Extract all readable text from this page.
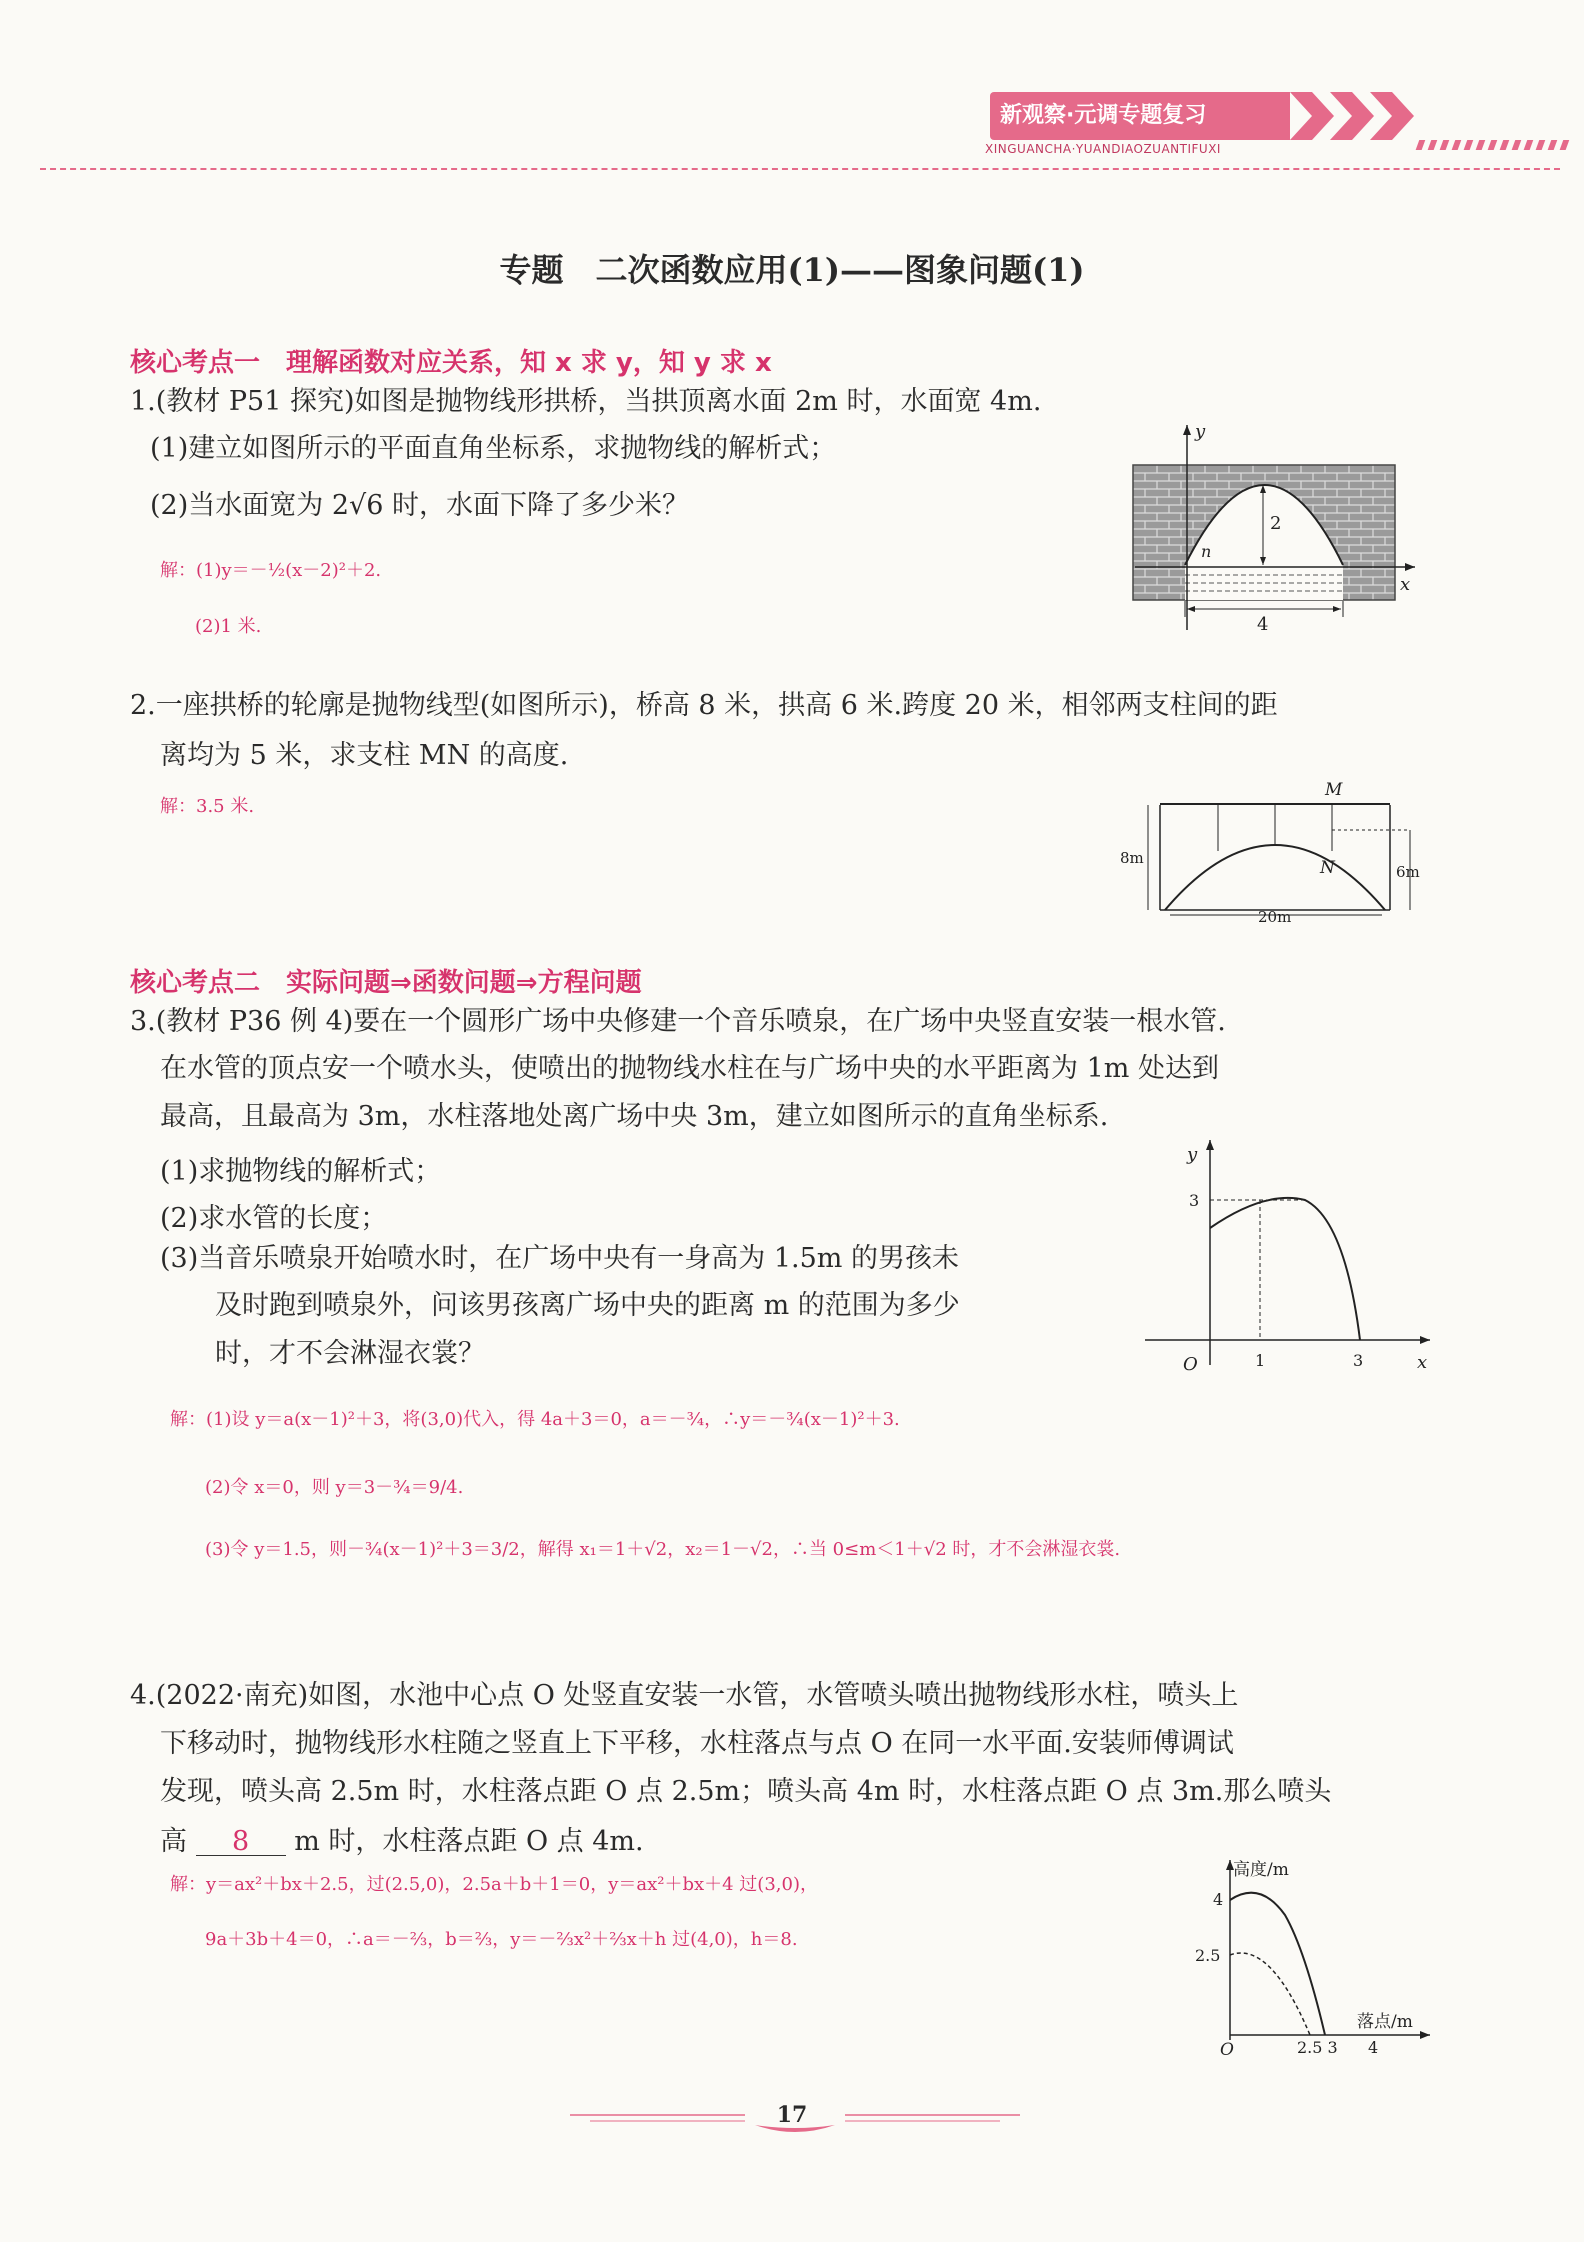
新观察·元调专题复习
XINGUANCHA·YUANDIAOZUANTIFUXI
专题　二次函数应用(1)——图象问题(1)
核心考点一　理解函数对应关系，知 x 求 y，知 y 求 x
1.(教材 P51 探究)如图是抛物线形拱桥，当拱顶离水面 2m 时，水面宽 4m.
(1)建立如图所示的平面直角坐标系，求抛物线的解析式；
(2)当水面宽为 2√6 时，水面下降了多少米？
解：(1)y＝－½(x－2)²＋2.
(2)1 米.
y
x
2
n
4
2.一座拱桥的轮廓是抛物线型(如图所示)，桥高 8 米，拱高 6 米.跨度 20 米，相邻两支柱间的距
离均为 5 米，求支柱 MN 的高度.
解：3.5 米.
M
N
8m
6m
20m
核心考点二　实际问题⇒函数问题⇒方程问题
3.(教材 P36 例 4)要在一个圆形广场中央修建一个音乐喷泉，在广场中央竖直安装一根水管.
在水管的顶点安一个喷水头，使喷出的抛物线水柱在与广场中央的水平距离为 1m 处达到
最高，且最高为 3m，水柱落地处离广场中央 3m，建立如图所示的直角坐标系.
(1)求抛物线的解析式；
(2)求水管的长度；
(3)当音乐喷泉开始喷水时，在广场中央有一身高为 1.5m 的男孩未
及时跑到喷泉外，问该男孩离广场中央的距离 m 的范围为多少
时，才不会淋湿衣裳？
解：(1)设 y＝a(x－1)²＋3，将(3,0)代入，得 4a＋3＝0，a＝－¾，∴y＝－¾(x－1)²＋3.
(2)令 x＝0，则 y＝3－¾＝9/4.
(3)令 y＝1.5，则－¾(x－1)²＋3＝3/2，解得 x₁＝1＋√2，x₂＝1－√2，∴当 0≤m＜1＋√2 时，才不会淋湿衣裳.
y
x
O	1	3
3
4.(2022·南充)如图，水池中心点 O 处竖直安装一水管，水管喷头喷出抛物线形水柱，喷头上
下移动时，抛物线形水柱随之竖直上下平移，水柱落点与点 O 在同一水平面.安装师傅调试
发现，喷头高 2.5m 时，水柱落点距 O 点 2.5m；喷头高 4m 时，水柱落点距 O 点 3m.那么喷头
高 8 m 时，水柱落点距 O 点 4m.
解：y＝ax²＋bx＋2.5，过(2.5,0)，2.5a＋b＋1＝0，y＝ax²＋bx＋4 过(3,0)，
9a＋3b＋4＝0，∴a＝－⅔，b＝⅔，y＝－⅔x²＋⅔x＋h 过(4,0)，h＝8.
高度/m
落点/m
O
4
2.5
2.5 3 4
17
